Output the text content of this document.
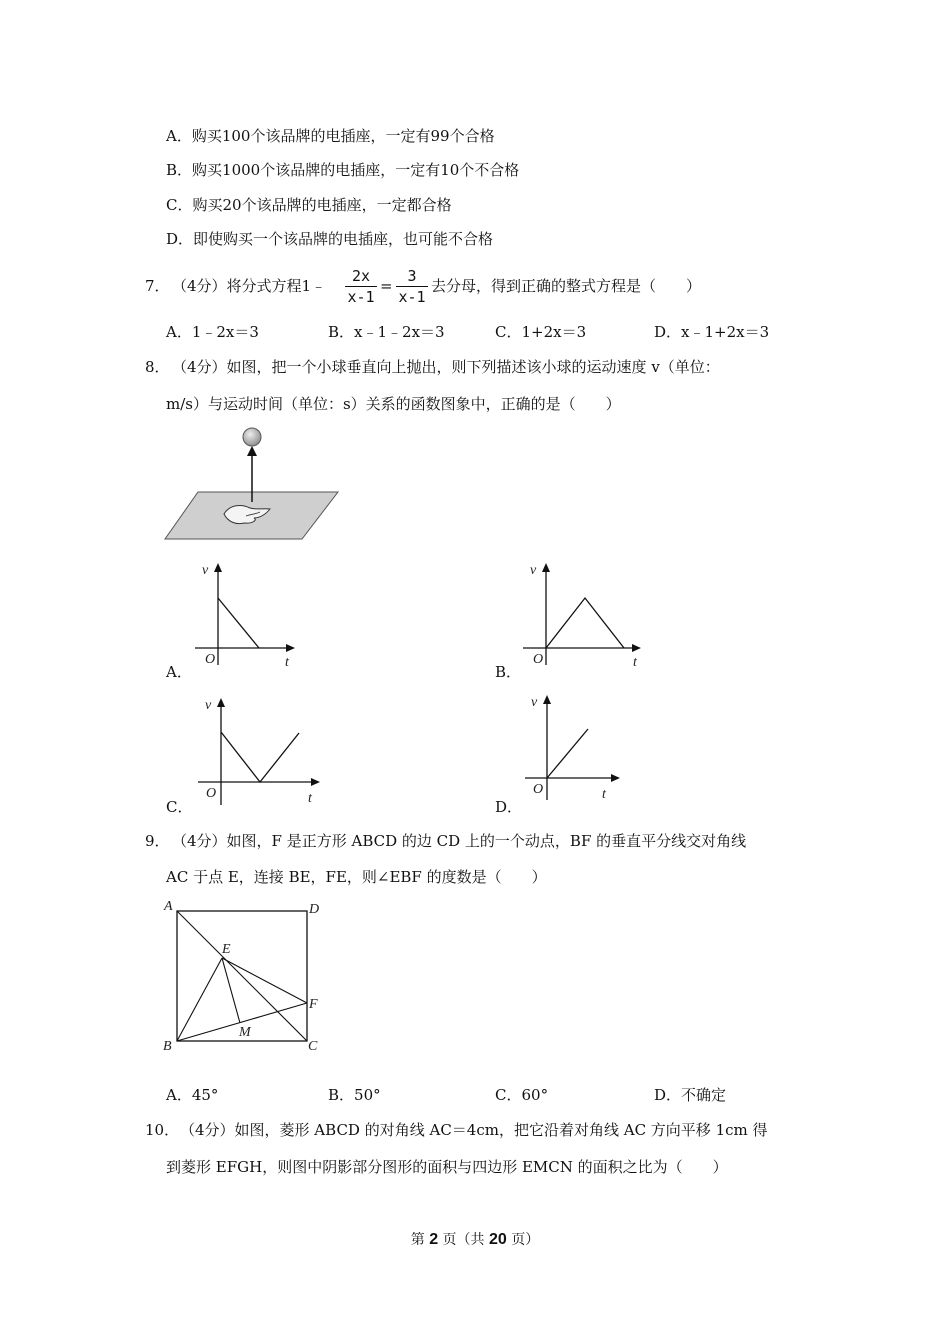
A．购买100个该品牌的电插座，一定有99个合格
B．购买1000个该品牌的电插座，一定有10个不合格
C．购买20个该品牌的电插座，一定都合格
D．即使购买一个该品牌的电插座，也可能不合格
7． （4分）将分式方程1﹣
2x
x-1
=
3
x-1
去分母，得到正确的整式方程是（　　）
A．1﹣2x＝3	B．x﹣1﹣2x＝3	C．1+2x＝3	D．x﹣1+2x＝3
8． （4分）如图，把一个小球垂直向上抛出，则下列描述该小球的运动速度 v（单位：
m/s）与运动时间（单位：s）关系的函数图象中，正确的是（　　）
v
O	t
A．
v
O	t
B．
v
O	t
C．
v
O	t
D．
9． （4分）如图，F 是正方形 ABCD 的边 CD 上的一个动点，BF 的垂直平分线交对角线
AC 于点 E，连接 BE，FE，则∠EBF 的度数是（　　）
A	D
B	C
E
F
M
A．45°	B．50°	C．60°	D．不确定
10． （4分）如图，菱形 ABCD 的对角线 AC＝4cm，把它沿着对角线 AC 方向平移 1cm 得
到菱形 EFGH，则图中阴影部分图形的面积与四边形 EMCN 的面积之比为（　　）
第 2 页（共 20 页）
